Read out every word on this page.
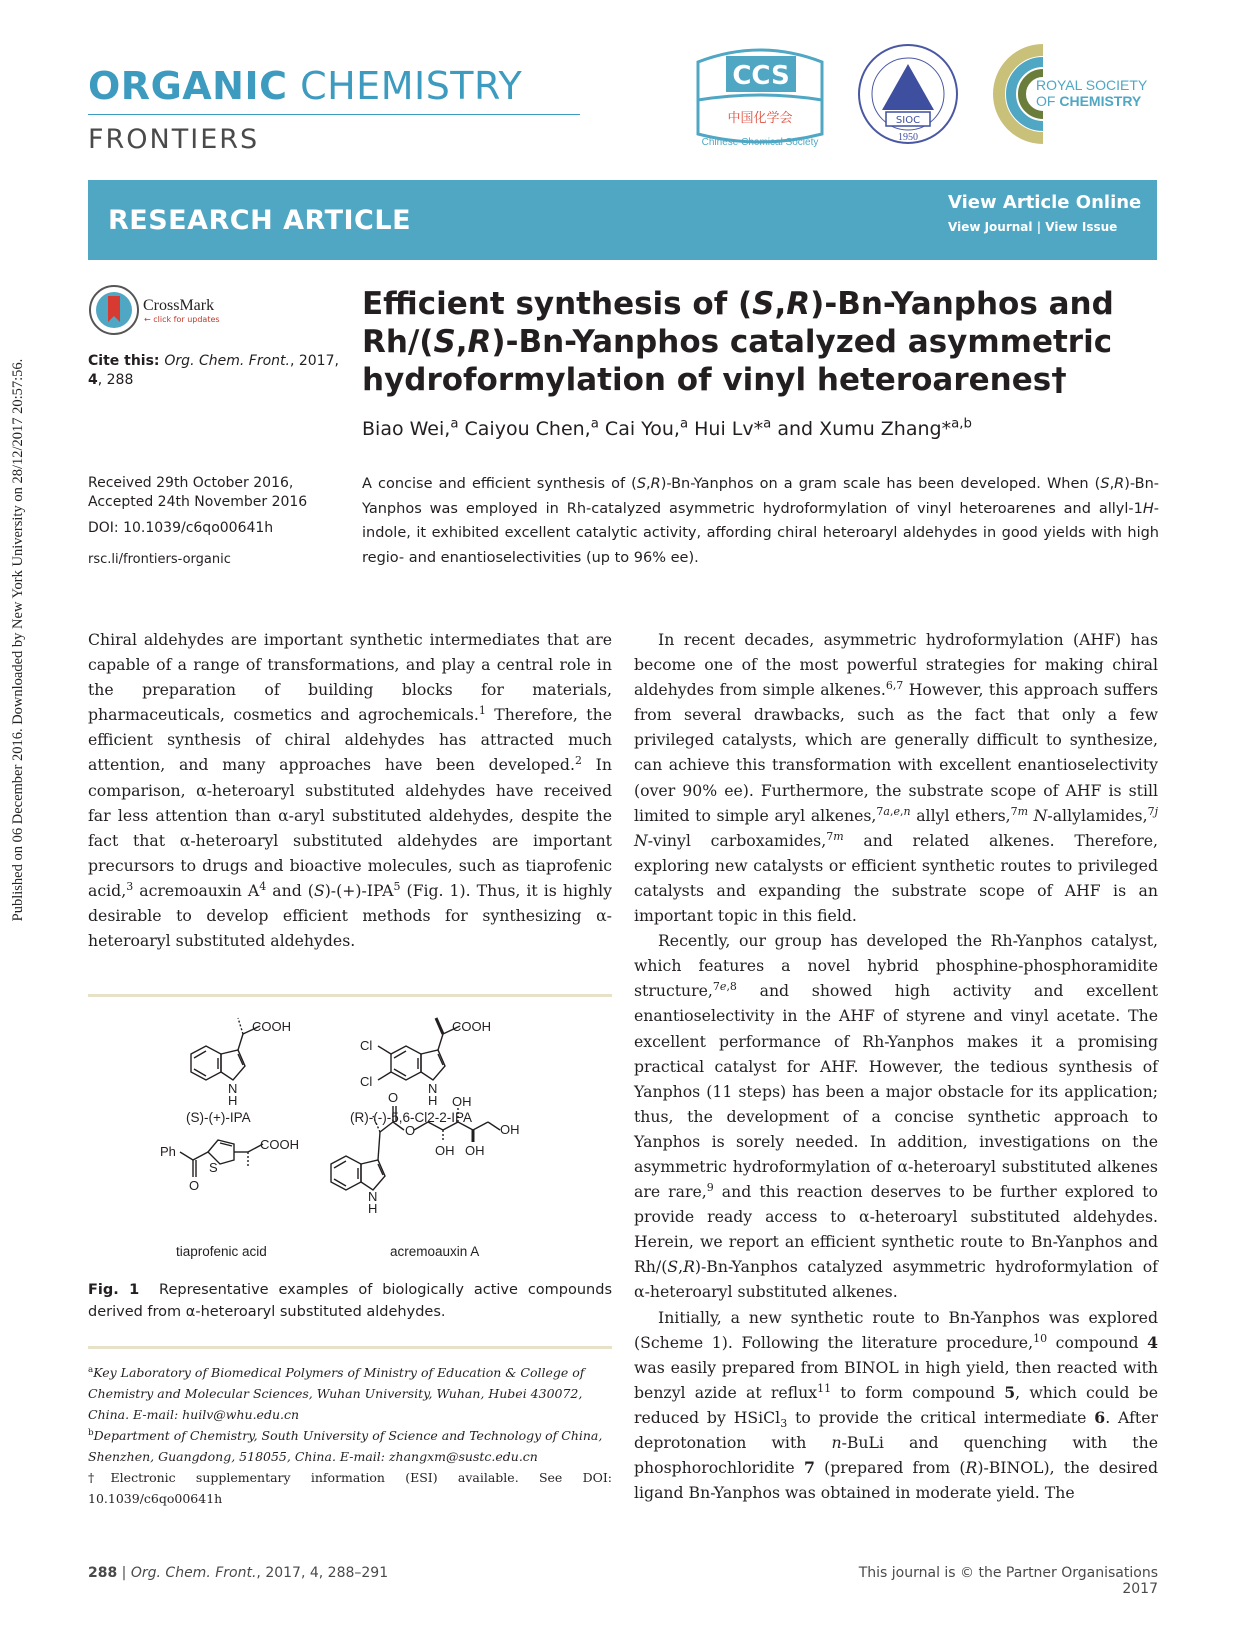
Published on 06 December 2016. Downloaded by New York University on 28/12/2017 20:57:56.
ORGANIC CHEMISTRY
FRONTIERS
CCS
中国化学会
Chinese Chemical Society
SIOC
1950
ROYAL SOCIETY
OF CHEMISTRY
RESEARCH ARTICLE
View Article Online
View Journal | View Issue
CrossMark
← click for updates
Cite this: Org. Chem. Front., 2017, 4, 288
Received 29th October 2016,
Accepted 24th November 2016
DOI: 10.1039/c6qo00641h
rsc.li/frontiers-organic
Efficient synthesis of (S,R)-Bn-Yanphos and
Rh/(S,R)-Bn-Yanphos catalyzed asymmetric
hydroformylation of vinyl heteroarenes†
Biao Wei,$^a$ Caiyou Chen,$^a$ Cai You,$^a$ Hui Lv*$^a$ and Xumu Zhang*$^{a,b}$
A concise and efficient synthesis of (S,R)-Bn-Yanphos on a gram scale has been developed. When (S,R)-Bn-Yanphos was employed in Rh-catalyzed asymmetric hydroformylation of vinyl heteroarenes and allyl-1H-indole, it exhibited excellent catalytic activity, affording chiral heteroaryl aldehydes in good yields with high regio- and enantioselectivities (up to 96% ee).

Chiral aldehydes are important synthetic intermediates that are capable of a range of transformations, and play a central role in the preparation of building blocks for materials, pharmaceuticals, cosmetics and agrochemicals.$^1$ Therefore, the efficient synthesis of chiral aldehydes has attracted much attention, and many approaches have been developed.$^2$ In comparison, α-heteroaryl substituted aldehydes have received far less attention than α-aryl substituted aldehydes, despite the fact that α-heteroaryl substituted aldehydes are important precursors to drugs and bioactive molecules, such as tiaprofenic acid,$^3$ acremoauxin $A^4$ and $(S)-(+)-IPA^5$ (Fig. 1). Thus, it is highly desirable to develop efficient methods for synthesizing α-heteroaryl substituted aldehydes.

COOH
N
H
COOH
N
H
Cl
Cl
Ph
O
S
COOH
O
O
OH
OH OH
OH
N
H
(S)-(+)-IPA	(R)-(-)-5,6-Cl2-2-IPA
tiaprofenic acid	acremoauxin A
Fig. 1 Representative examples of biologically active compounds derived from α-heteroaryl substituted aldehydes.
$^a$Key Laboratory of Biomedical Polymers of Ministry of Education & College of Chemistry and Molecular Sciences, Wuhan University, Wuhan, Hubei 430072, China. E-mail: huilv@whu.edu.cn
$^b$Department of Chemistry, South University of Science and Technology of China, Shenzhen, Guangdong, 518055, China. E-mail: zhangxm@sustc.edu.cn
†Electronic supplementary information (ESI) available. See DOI: 10.1039/c6qo00641h

In recent decades, asymmetric hydroformylation (AHF) has become one of the most powerful strategies for making chiral aldehydes from simple alkenes.$^{6,7}$ However, this approach suffers from several drawbacks, such as the fact that only a few privileged catalysts, which are generally difficult to synthesize, can achieve this transformation with excellent enantioselectivity (over 90% ee). Furthermore, the substrate scope of AHF is still limited to simple aryl alkenes,$^{7a,e,n}$ allyl ethers,$^{7m}$ N-allylamides,$^{7j}$ N-vinyl carboxamides,$^{7m}$ and related alkenes. Therefore, exploring new catalysts or efficient synthetic routes to privileged catalysts and expanding the substrate scope of AHF is an important topic in this field.

Recently, our group has developed the Rh-Yanphos catalyst, which features a novel hybrid phosphine-phosphoramidite structure,$^{7e,8}$ and showed high activity and excellent enantioselectivity in the AHF of styrene and vinyl acetate. The excellent performance of Rh-Yanphos makes it a promising practical catalyst for AHF. However, the tedious synthesis of Yanphos (11 steps) has been a major obstacle for its application; thus, the development of a concise synthetic approach to Yanphos is sorely needed. In addition, investigations on the asymmetric hydroformylation of α-heteroaryl substituted alkenes are rare,$^9$ and this reaction deserves to be further explored to provide ready access to α-heteroaryl substituted aldehydes. Herein, we report an efficient synthetic route to Bn-Yanphos and Rh/(S,R)-Bn-Yanphos catalyzed asymmetric hydroformylation of α-heteroaryl substituted alkenes.

Initially, a new synthetic route to Bn-Yanphos was explored (Scheme 1). Following the literature procedure,$^{10}$ compound 4 was easily prepared from BINOL in high yield, then reacted with benzyl azide at reflux$^{11}$ to form compound 5, which could be reduced by HSiCl$_3$ to provide the critical intermediate 6. After deprotonation with n-BuLi and quenching with the phosphorochloridite 7 (prepared from (R)-BINOL), the desired ligand Bn-Yanphos was obtained in moderate yield. The

288 | Org. Chem. Front., 2017, 4, 288–291	This journal is © the Partner Organisations 2017
